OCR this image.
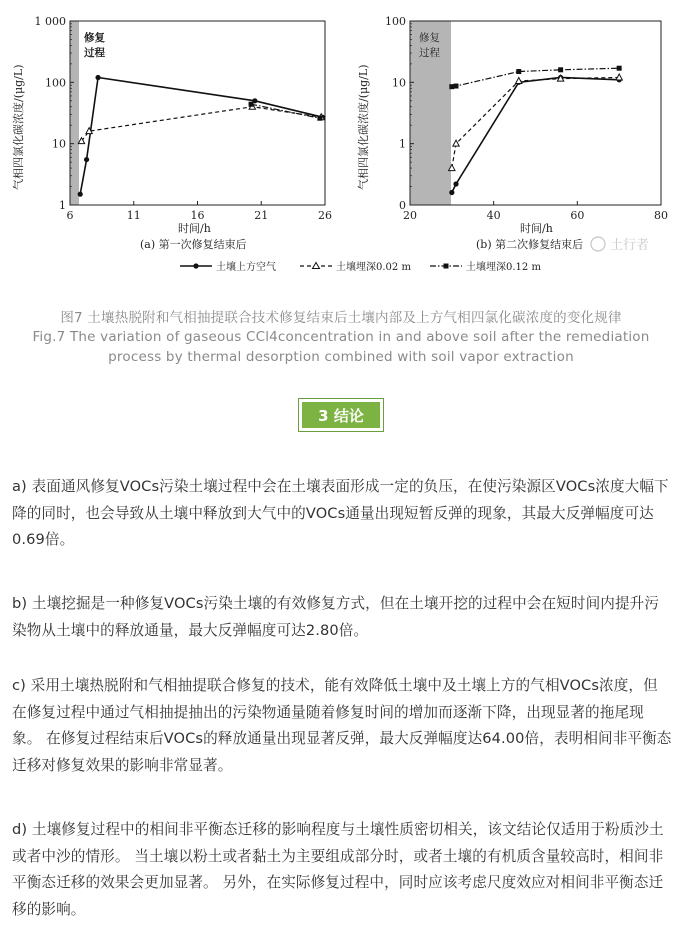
修复
过程
1
10
100
1 000
6	11	16	21	26
时间/h
(a) 第一次修复结束后
气相四氯化碳浓度/(μg/L)
修复
过程
0
1
10
100
20	40	60	80
时间/h
(b) 第二次修复结束后
气相四氯化碳浓度/(μg/L)
土行者
土壤上方空气	土壤埋深0.02 m	土壤埋深0.12 m
图7 土壤热脱附和气相抽提联合技术修复结束后土壤内部及上方气相四氯化碳浓度的变化规律
Fig.7 The variation of gaseous CCl4concentration in and above soil after the remediation
process by thermal desorption combined with soil vapor extraction
3 结论
a) 表面通风修复VOCs污染土壤过程中会在土壤表面形成一定的负压，在使污染源区VOCs浓度大幅下降的同时，也会导致从土壤中释放到大气中的VOCs通量出现短暂反弹的现象，其最大反弹幅度可达0.69倍。
b) 土壤挖掘是一种修复VOCs污染土壤的有效修复方式，但在土壤开挖的过程中会在短时间内提升污染物从土壤中的释放通量，最大反弹幅度可达2.80倍。
c) 采用土壤热脱附和气相抽提联合修复的技术，能有效降低土壤中及土壤上方的气相VOCs浓度，但在修复过程中通过气相抽提抽出的污染物通量随着修复时间的增加而逐渐下降，出现显著的拖尾现象。 在修复过程结束后VOCs的释放通量出现显著反弹，最大反弹幅度达64.00倍，表明相间非平衡态迁移对修复效果的影响非常显著。
d) 土壤修复过程中的相间非平衡态迁移的影响程度与土壤性质密切相关，该文结论仅适用于粉质沙土或者中沙的情形。 当土壤以粉土或者黏土为主要组成部分时，或者土壤的有机质含量较高时，相间非平衡态迁移的效果会更加显著。 另外，在实际修复过程中，同时应该考虑尺度效应对相间非平衡态迁移的影响。
